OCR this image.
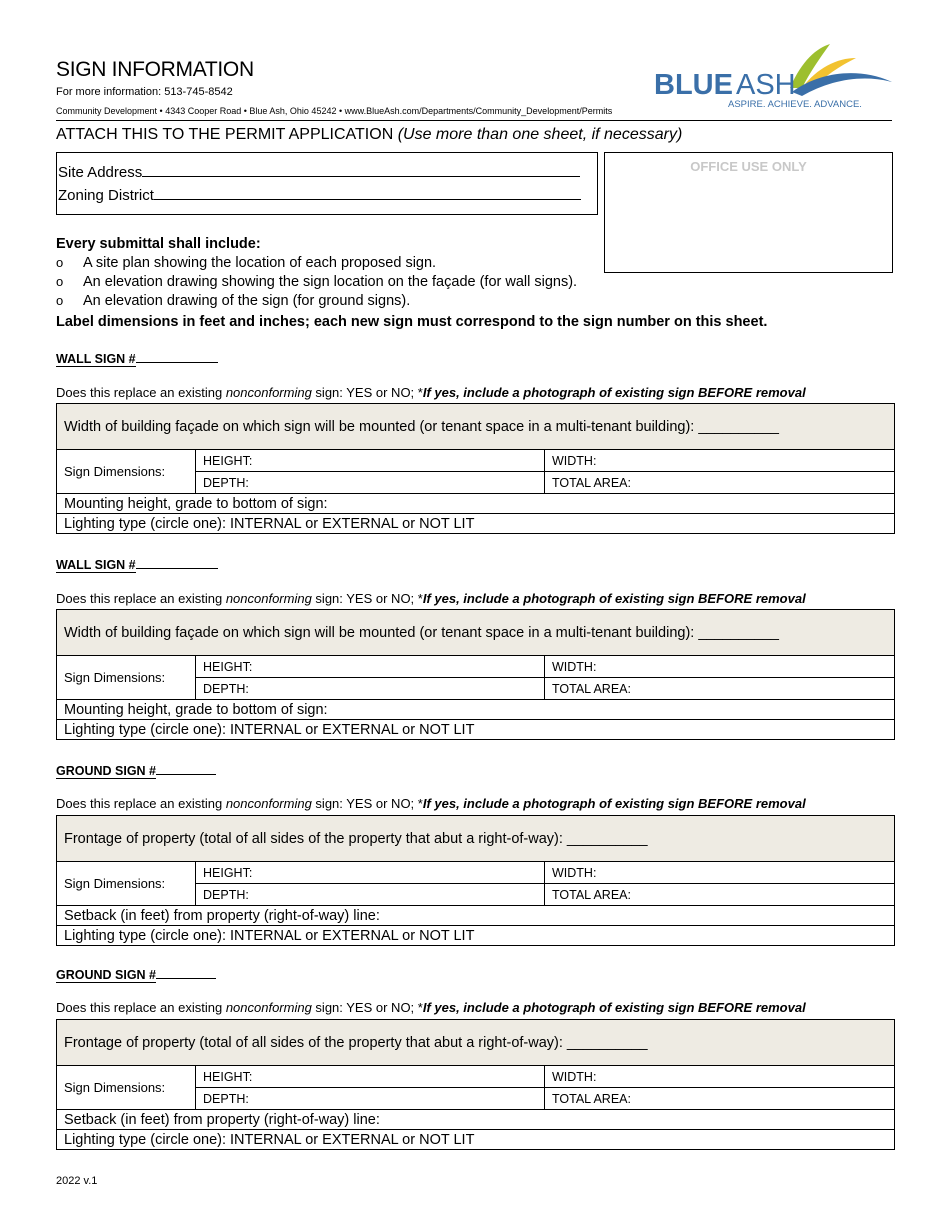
SIGN INFORMATION
For more information: 513-745-8542
Community Development • 4343 Cooper Road • Blue Ash, Ohio 45242 • www.BlueAsh.com/Departments/Community_Development/Permits
BLUE ASH
ASPIRE. ACHIEVE. ADVANCE.
ATTACH THIS TO THE PERMIT APPLICATION (Use more than one sheet, if necessary)
Site Address
Zoning District
OFFICE USE ONLY
Every submittal shall include:
o A site plan showing the location of each proposed sign.
o An elevation drawing showing the sign location on the façade (for wall signs).
o An elevation drawing of the sign (for ground signs).
Label dimensions in feet and inches; each new sign must correspond to the sign number on this sheet.
WALL SIGN #
Does this replace an existing nonconforming sign: YES or NO; *If yes, include a photograph of existing sign BEFORE removal
Width of building façade on which sign will be mounted (or tenant space in a multi-tenant building): __________		
Sign Dimensions:	HEIGHT:	WIDTH:
	DEPTH:	TOTAL AREA:
Mounting height, grade to bottom of sign:		
Lighting type (circle one): INTERNAL or EXTERNAL or NOT LIT		
WALL SIGN #
Does this replace an existing nonconforming sign: YES or NO; *If yes, include a photograph of existing sign BEFORE removal
Width of building façade on which sign will be mounted (or tenant space in a multi-tenant building): __________		
Sign Dimensions:	HEIGHT:	WIDTH:
	DEPTH:	TOTAL AREA:
Mounting height, grade to bottom of sign:		
Lighting type (circle one): INTERNAL or EXTERNAL or NOT LIT		
GROUND SIGN #
Does this replace an existing nonconforming sign: YES or NO; *If yes, include a photograph of existing sign BEFORE removal
Frontage of property (total of all sides of the property that abut a right-of-way): __________		
Sign Dimensions:	HEIGHT:	WIDTH:
	DEPTH:	TOTAL AREA:
Setback (in feet) from property (right-of-way) line:		
Lighting type (circle one): INTERNAL or EXTERNAL or NOT LIT		
GROUND SIGN #
Does this replace an existing nonconforming sign: YES or NO; *If yes, include a photograph of existing sign BEFORE removal
Frontage of property (total of all sides of the property that abut a right-of-way): __________		
Sign Dimensions:	HEIGHT:	WIDTH:
	DEPTH:	TOTAL AREA:
Setback (in feet) from property (right-of-way) line:		
Lighting type (circle one): INTERNAL or EXTERNAL or NOT LIT		
2022 v.1
